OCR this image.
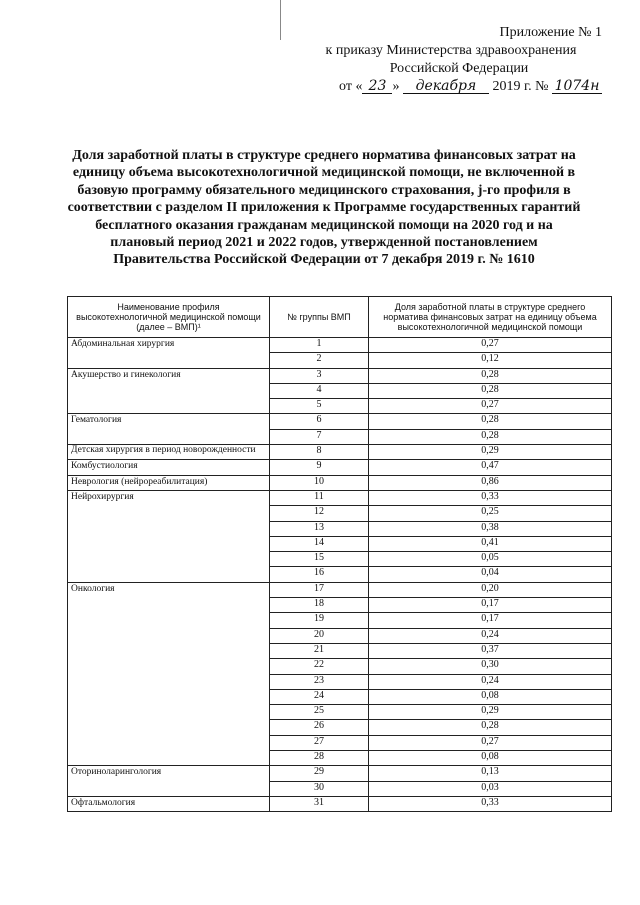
Приложение № 1
к приказу Министерства здравоохранения
Российской Федерации
от « 23 » декабря 2019 г. № 1074н
Доля заработной платы в структуре среднего норматива финансовых затрат на единицу объема высокотехнологичной медицинской помощи, не включенной в базовую программу обязательного медицинского страхования, j-го профиля в соответствии с разделом II приложения к Программе государственных гарантий бесплатного оказания гражданам медицинской помощи на 2020 год и на плановый период 2021 и 2022 годов, утвержденной постановлением Правительства Российской Федерации от 7 декабря 2019 г. № 1610
Наименование профиля высокотехнологичной медицинской помощи (далее – ВМП)¹	№ группы ВМП	Доля заработной платы в структуре среднего норматива финансовых затрат на единицу объема высокотехнологичной медицинской помощи
Абдоминальная хирургия	1	0,27
	2	0,12
Акушерство и гинекология	3	0,28
	4	0,28
	5	0,27
Гематология	6	0,28
	7	0,28
Детская хирургия в период новорожденности	8	0,29
Комбустиология	9	0,47
Неврология (нейрореабилитация)	10	0,86
Нейрохирургия	11	0,33
	12	0,25
	13	0,38
	14	0,41
	15	0,05
	16	0,04
Онкология	17	0,20
	18	0,17
	19	0,17
	20	0,24
	21	0,37
	22	0,30
	23	0,24
	24	0,08
	25	0,29
	26	0,28
	27	0,27
	28	0,08
Оториноларингология	29	0,13
	30	0,03
Офтальмология	31	0,33
